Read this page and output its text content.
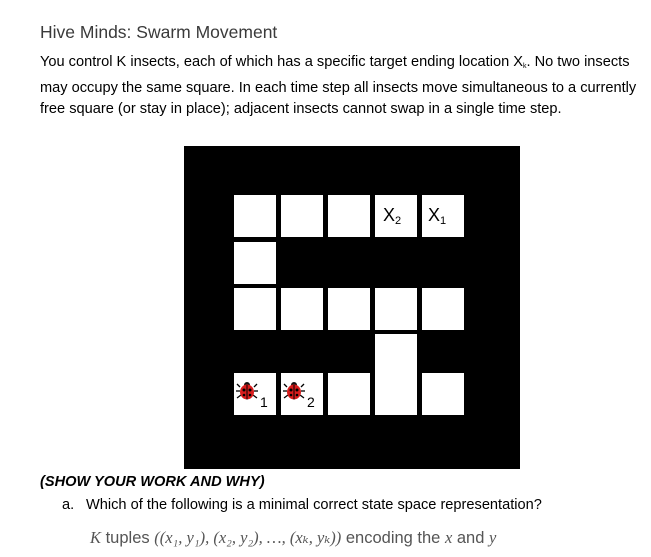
Hive Minds: Swarm Movement

You control K insects, each of which has a specific target ending location $X_k$. No two insects may occupy the same square. In each time step all insects move simultaneous to a currently free square (or stay in place); adjacent insects cannot swap in a single time step.

$X_2$ $X_1$
1	2
(SHOW YOUR WORK AND WHY)
a. Which of the following is a minimal correct state space representation?
K tuples ((x₁, y₁), (x₂, y₂), …, (xₖ, yₖ)) encoding the x and y
